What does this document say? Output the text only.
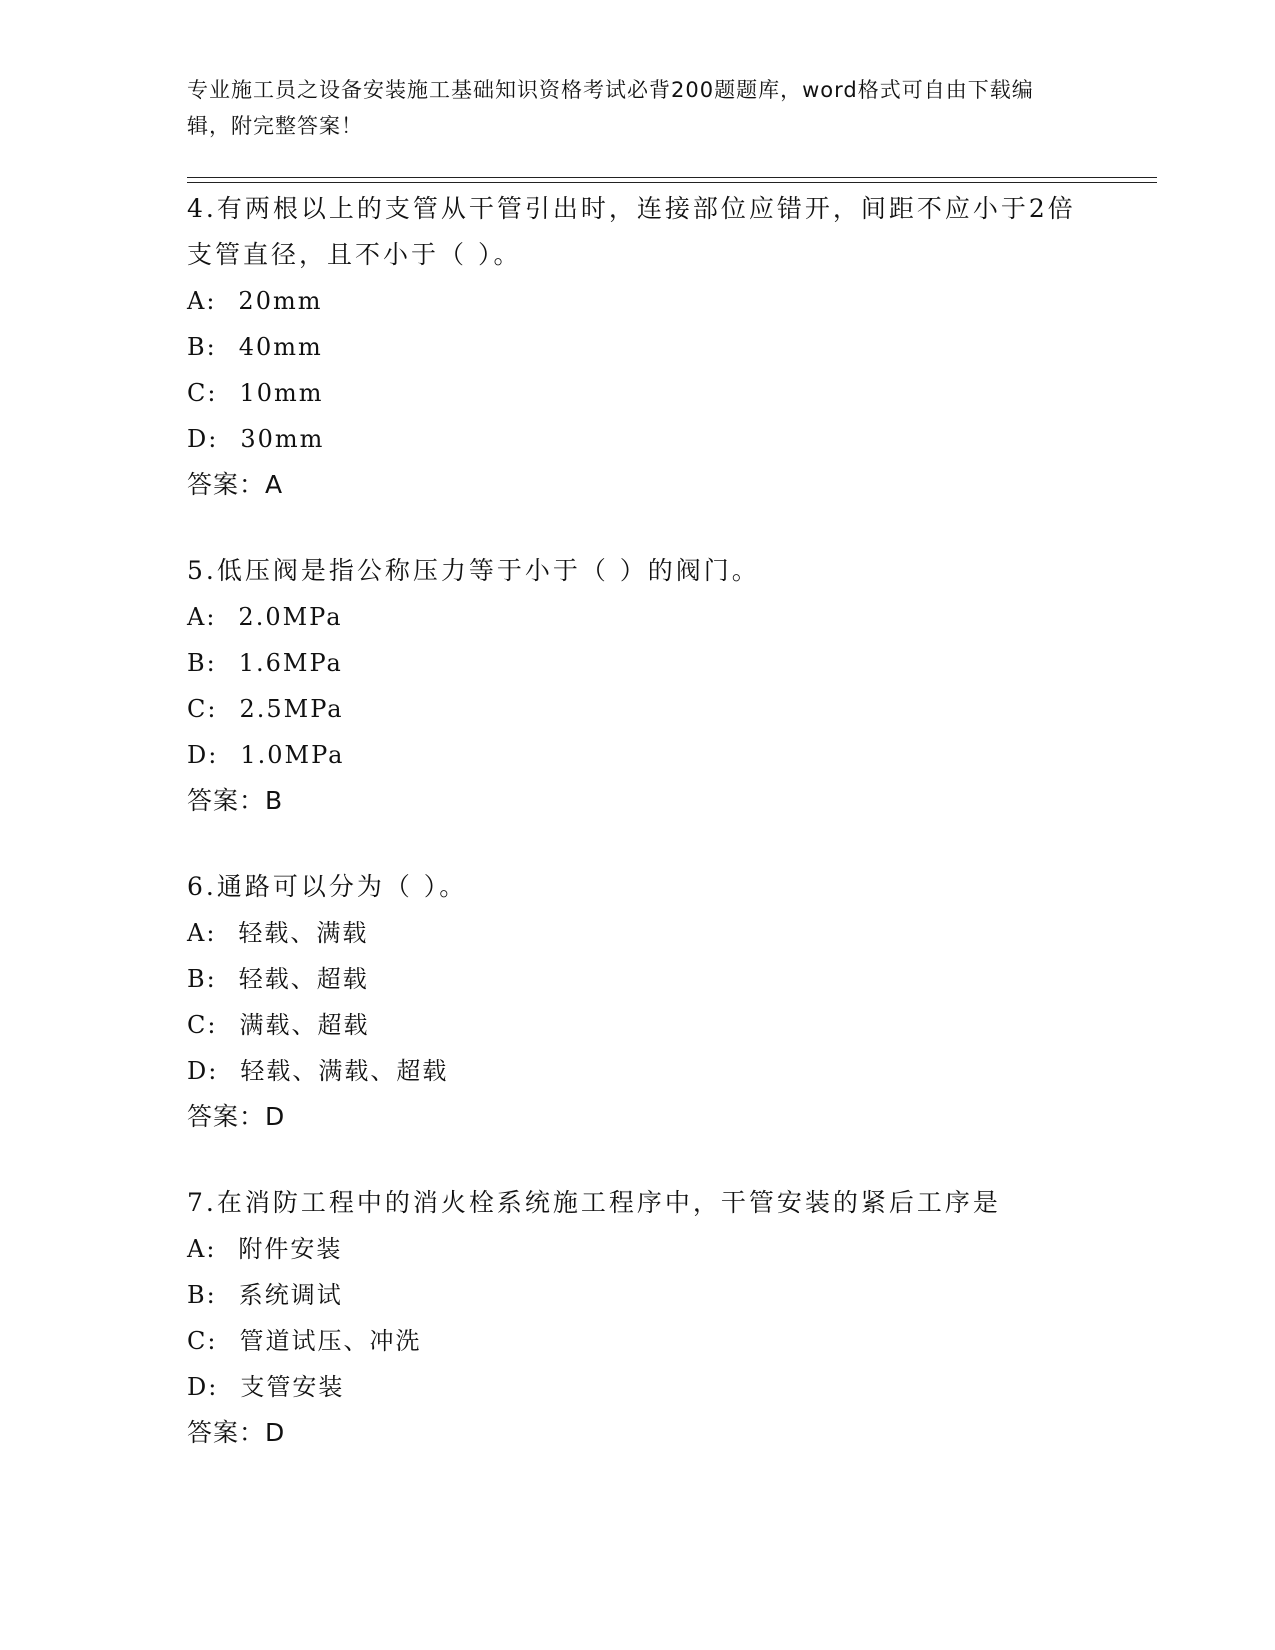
专业施工员之设备安装施工基础知识资格考试必背200题题库，word格式可自由下载编辑，附完整答案！

4.有两根以上的支管从干管引出时，连接部位应错开，间距不应小于2倍支管直径，且不小于（ ）。

A: 20mm
B: 40mm
C: 10mm
D: 30mm
答案：A

5.低压阀是指公称压力等于小于（ ）的阀门。

A: 2.0MPa
B: 1.6MPa
C: 2.5MPa
D: 1.0MPa
答案：B

6.通路可以分为（ ）。

A: 轻载、满载
B: 轻载、超载
C: 满载、超载
D: 轻载、满载、超载
答案：D

7.在消防工程中的消火栓系统施工程序中，干管安装的紧后工序是

A: 附件安装
B: 系统调试
C: 管道试压、冲洗
D: 支管安装
答案：D
